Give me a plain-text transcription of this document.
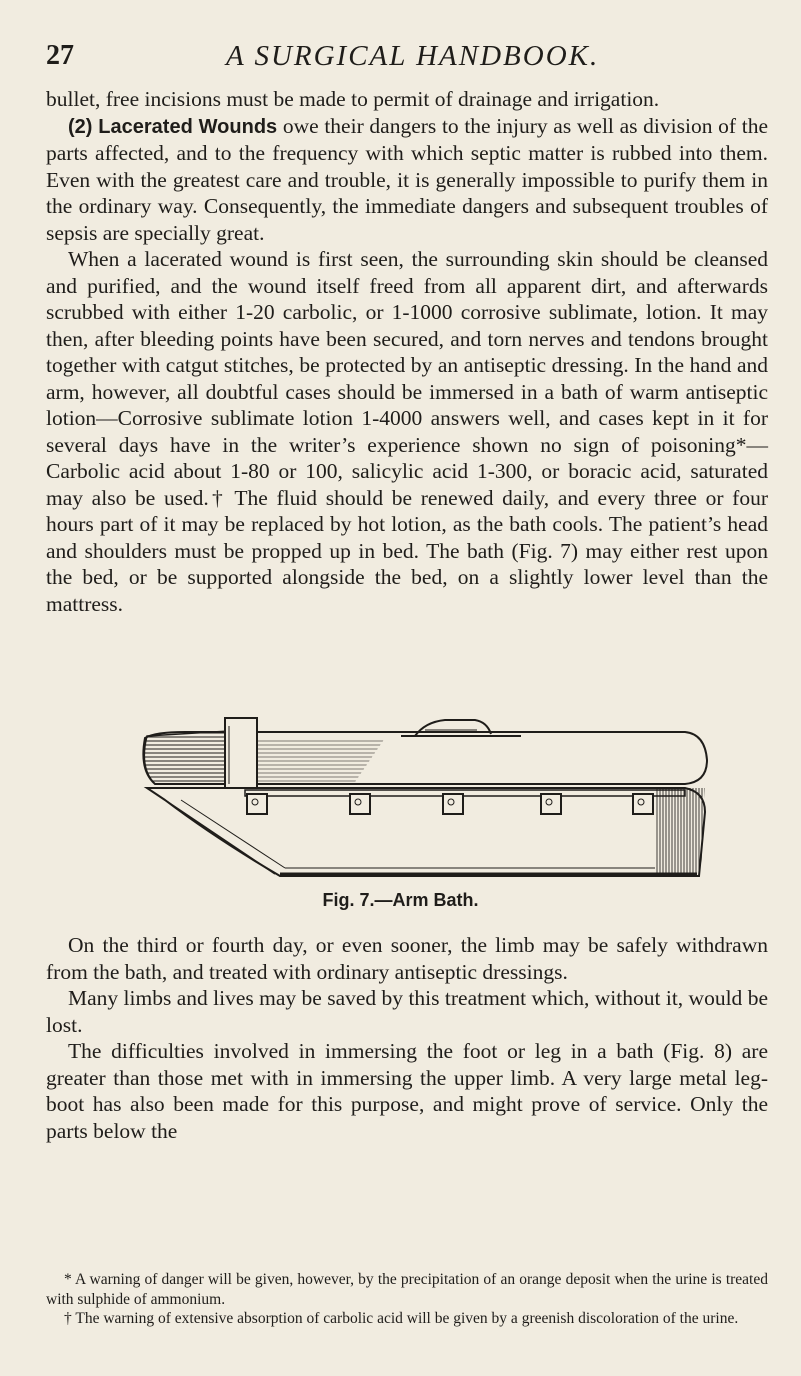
27	A SURGICAL HANDBOOK.

bullet, free incisions must be made to permit of drainage and irrigation.

(2) Lacerated Wounds owe their dangers to the injury as well as division of the parts affected, and to the frequency with which septic matter is rubbed into them. Even with the greatest care and trouble, it is generally impossible to purify them in the ordinary way. Consequently, the immediate dangers and subsequent troubles of sepsis are specially great.

When a lacerated wound is first seen, the surrounding skin should be cleansed and purified, and the wound itself freed from all apparent dirt, and afterwards scrubbed with either 1-20 carbolic, or 1-1000 corrosive sublimate, lotion. It may then, after bleeding points have been secured, and torn nerves and tendons brought together with catgut stitches, be protected by an antiseptic dressing. In the hand and arm, however, all doubtful cases should be immersed in a bath of warm antiseptic lotion—Corrosive sublimate lotion 1-4000 answers well, and cases kept in it for several days have in the writer’s experience shown no sign of poisoning*—Carbolic acid about 1-80 or 100, salicylic acid 1-300, or boracic acid, saturated may also be used.† The fluid should be renewed daily, and every three or four hours part of it may be replaced by hot lotion, as the bath cools. The patient’s head and shoulders must be propped up in bed. The bath (Fig. 7) may either rest upon the bed, or be supported alongside the bed, on a slightly lower level than the mattress.

Fig. 7.—Arm Bath.

On the third or fourth day, or even sooner, the limb may be safely withdrawn from the bath, and treated with ordinary antiseptic dressings.

Many limbs and lives may be saved by this treatment which, without it, would be lost.

The difficulties involved in immersing the foot or leg in a bath (Fig. 8) are greater than those met with in immersing the upper limb. A very large metal leg-boot has also been made for this purpose, and might prove of service. Only the parts below the

* A warning of danger will be given, however, by the precipitation of an orange deposit when the urine is treated with sulphide of ammonium.

† The warning of extensive absorption of carbolic acid will be given by a greenish discoloration of the urine.
